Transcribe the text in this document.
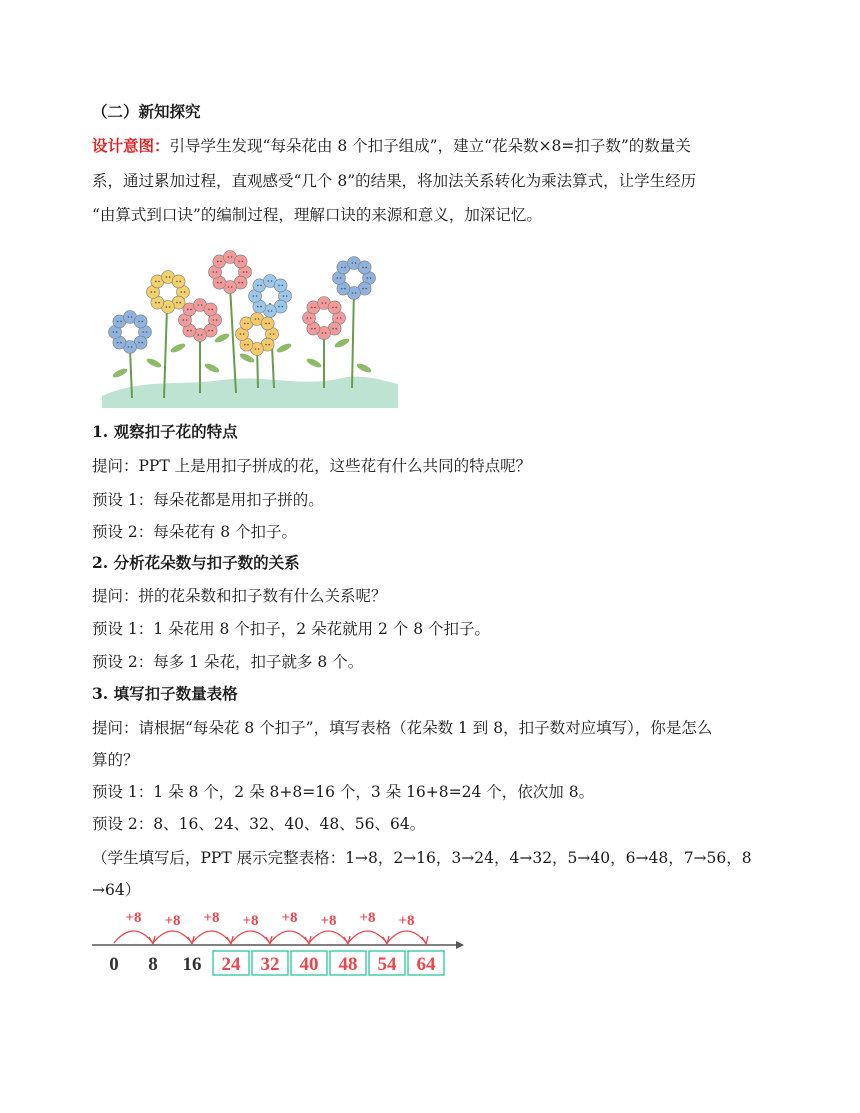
（二）新知探究
设计意图：引导学生发现“每朵花由 8 个扣子组成”，建立“花朵数×8=扣子数”的数量关
系，通过累加过程，直观感受“几个 8”的结果，将加法关系转化为乘法算式，让学生经历
“由算式到口诀”的编制过程，理解口诀的来源和意义，加深记忆。
1. 观察扣子花的特点
提问：PPT 上是用扣子拼成的花，这些花有什么共同的特点呢？
预设 1：每朵花都是用扣子拼的。
预设 2：每朵花有 8 个扣子。
2. 分析花朵数与扣子数的关系
提问：拼的花朵数和扣子数有什么关系呢？
预设 1：1 朵花用 8 个扣子，2 朵花就用 2 个 8 个扣子。
预设 2：每多 1 朵花，扣子就多 8 个。
3. 填写扣子数量表格
提问：请根据“每朵花 8 个扣子”，填写表格（花朵数 1 到 8，扣子数对应填写），你是怎么
算的？
预设 1：1 朵 8 个，2 朵 8+8=16 个，3 朵 16+8=24 个，依次加 8。
预设 2：8、16、24、32、40、48、56、64。
（学生填写后，PPT 展示完整表格：1→8，2→16，3→24，4→32，5→40，6→48，7→56，8
→64）
+8 +8 +8 +8 +8 +8 +8 +8
0 8 16 24 32 40 48 54 64
